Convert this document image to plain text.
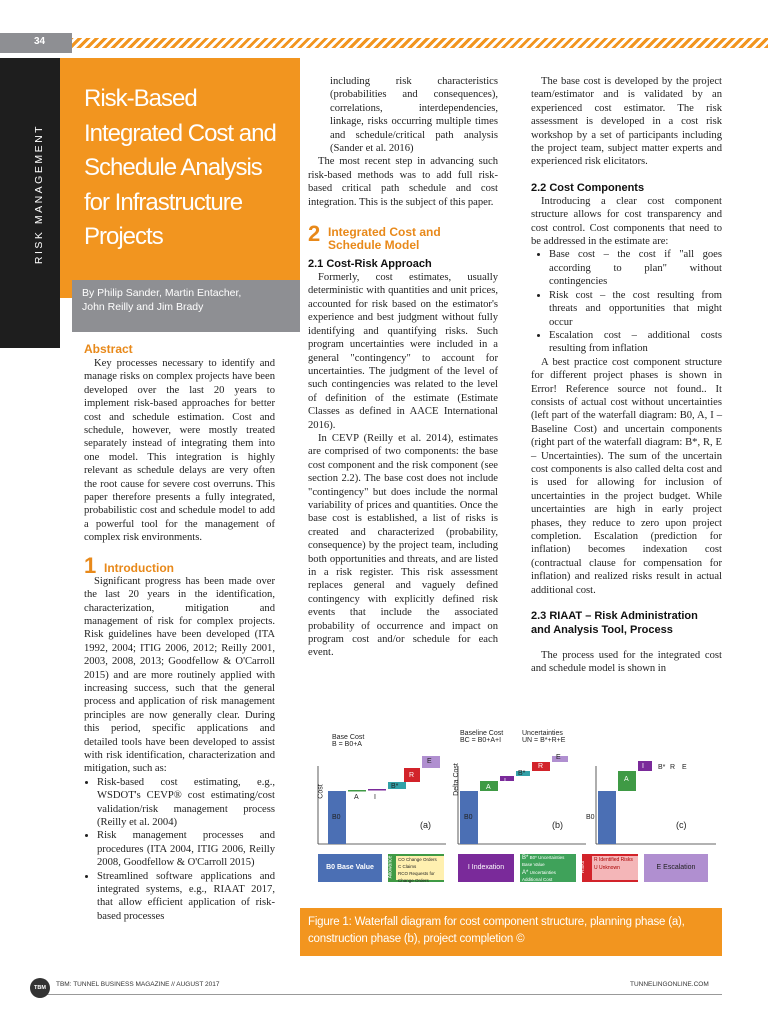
34
RISK MANAGEMENT
Risk-Based
Integrated Cost and
Schedule Analysis
for Infrastructure
Projects
By Philip Sander, Martin Entacher,
John Reilly and Jim Brady
Abstract

Key processes necessary to identify and manage risks on complex projects have been developed over the last 20 years to implement risk-based approaches for better cost and schedule estimation. Cost and schedule, however, were mostly treated separately instead of integrating them into one model. This integration is highly relevant as schedule delays are very often the root cause for severe cost overruns. This paper therefore presents a fully integrated, probabilistic cost and schedule model to add a powerful tool for the management of complex risk environments.

1 Introduction

Significant progress has been made over the last 20 years in the identification, characterization, mitigation and management of risk for complex projects. Risk guidelines have been developed (ITA 1992, 2004; ITIG 2006, 2012; Reilly 2001, 2003, 2008, 2013; Goodfellow & O'Carroll 2015) and are more routinely applied with increasing success, such that the general process and application of risk management principles are now generally clear. During this period, specific applications and detailed tools have been developed to assist with risk identification, characterization and mitigation, such as:

• Risk-based cost estimating, e.g., WSDOT's CEVP® cost estimating/cost validation/risk management process (Reilly et al. 2004)
• Risk management processes and procedures (ITA 2004, ITIG 2006, Reilly 2008, Goodfellow & O'Carroll 2015)
• Streamlined software applications and integrated systems, e.g., RIAAT 2017, that allow efficient application of risk-based processes

including risk characteristics (probabilities and consequences), correlations, interdependencies, linkage, risks occurring multiple times and schedule/critical path analysis (Sander et al. 2016)

The most recent step in advancing such risk-based methods was to add full risk-based critical path schedule and cost integration. This is the subject of this paper.

2 Integrated Cost and
Schedule Model
2.1 Cost-Risk Approach

Formerly, cost estimates, usually deterministic with quantities and unit prices, accounted for risk based on the estimator's experience and best judgment without fully identifying and quantifying risks. Such program uncertainties were included in a general "contingency" to account for uncertainties. The judgment of the level of such contingencies was related to the level of definition of the estimate (Estimate Classes as defined in AACE International 2016).

In CEVP (Reilly et al. 2014), estimates are comprised of two components: the base cost component and the risk component (see section 2.2). The base cost does not include "contingency" but does include the normal variability of prices and quantities. Once the base cost is established, a list of risks is created and characterized (probability, consequence) by the project team, including both opportunities and threats, and are listed in a risk register. This risk assessment replaces general and vaguely defined contingency with explicitly defined risk events that include the associated probability of occurrence and impact on program cost and/or schedule for each event.

The base cost is developed by the project team/estimator and is validated by an experienced cost estimator. The risk assessment is developed in a cost risk workshop by a set of participants including the project team, subject matter experts and experienced risk elicitators.

2.2 Cost Components

Introducing a clear cost component structure allows for cost transparency and cost control. Cost components that need to be addressed in the estimate are:

• Base cost – the cost if "all goes according to plan" without contingencies
• Risk cost – the cost resulting from threats and opportunities that might occur
• Escalation cost – additional costs resulting from inflation

A best practice cost component structure for different project phases is shown in Error! Reference source not found.. It consists of actual cost without uncertainties (left part of the waterfall diagram: B0, A, I – Baseline Cost) and uncertain components (right part of the waterfall diagram: B*, R, E – Uncertainties). The sum of the uncertain cost components is also called delta cost and is used for allowing for inclusion of uncertainties in the project budget. While uncertainties are high in early project phases, they reduce to zero upon project completion. Escalation (prediction for inflation) becomes indexation cost (contractual clause for compensation for inflation) and realized risks result in actual additional cost.

2.3 RIAAT – Risk Administration
and Analysis Tool, Process

The process used for the integrated cost and schedule model is shown in

Base Cost
B = B0+A
Baseline Cost
BC = B0+A+I
Uncertainties
UN = B*+R+E
Cost	Delta Cost
B0
A I
B*
R
E
(a)
B0
A
I
B*
R
E
(b)
B0
A
I B* R E
(c)
B0 Base Value	Allowance CO Change Orders
C Claims
RCO Requests for Change Orders
I Indexation
B* B0* Uncertainties Base Value
A* Uncertainties Additional Cost
Risks
R Identified Risks
U Unknown	E Escalation
Figure 1: Waterfall diagram for cost component structure, planning phase (a), construction phase (b), project completion ©
TBM	TBM: TUNNEL BUSINESS MAGAZINE // AUGUST 2017	TUNNELINGONLINE.COM
